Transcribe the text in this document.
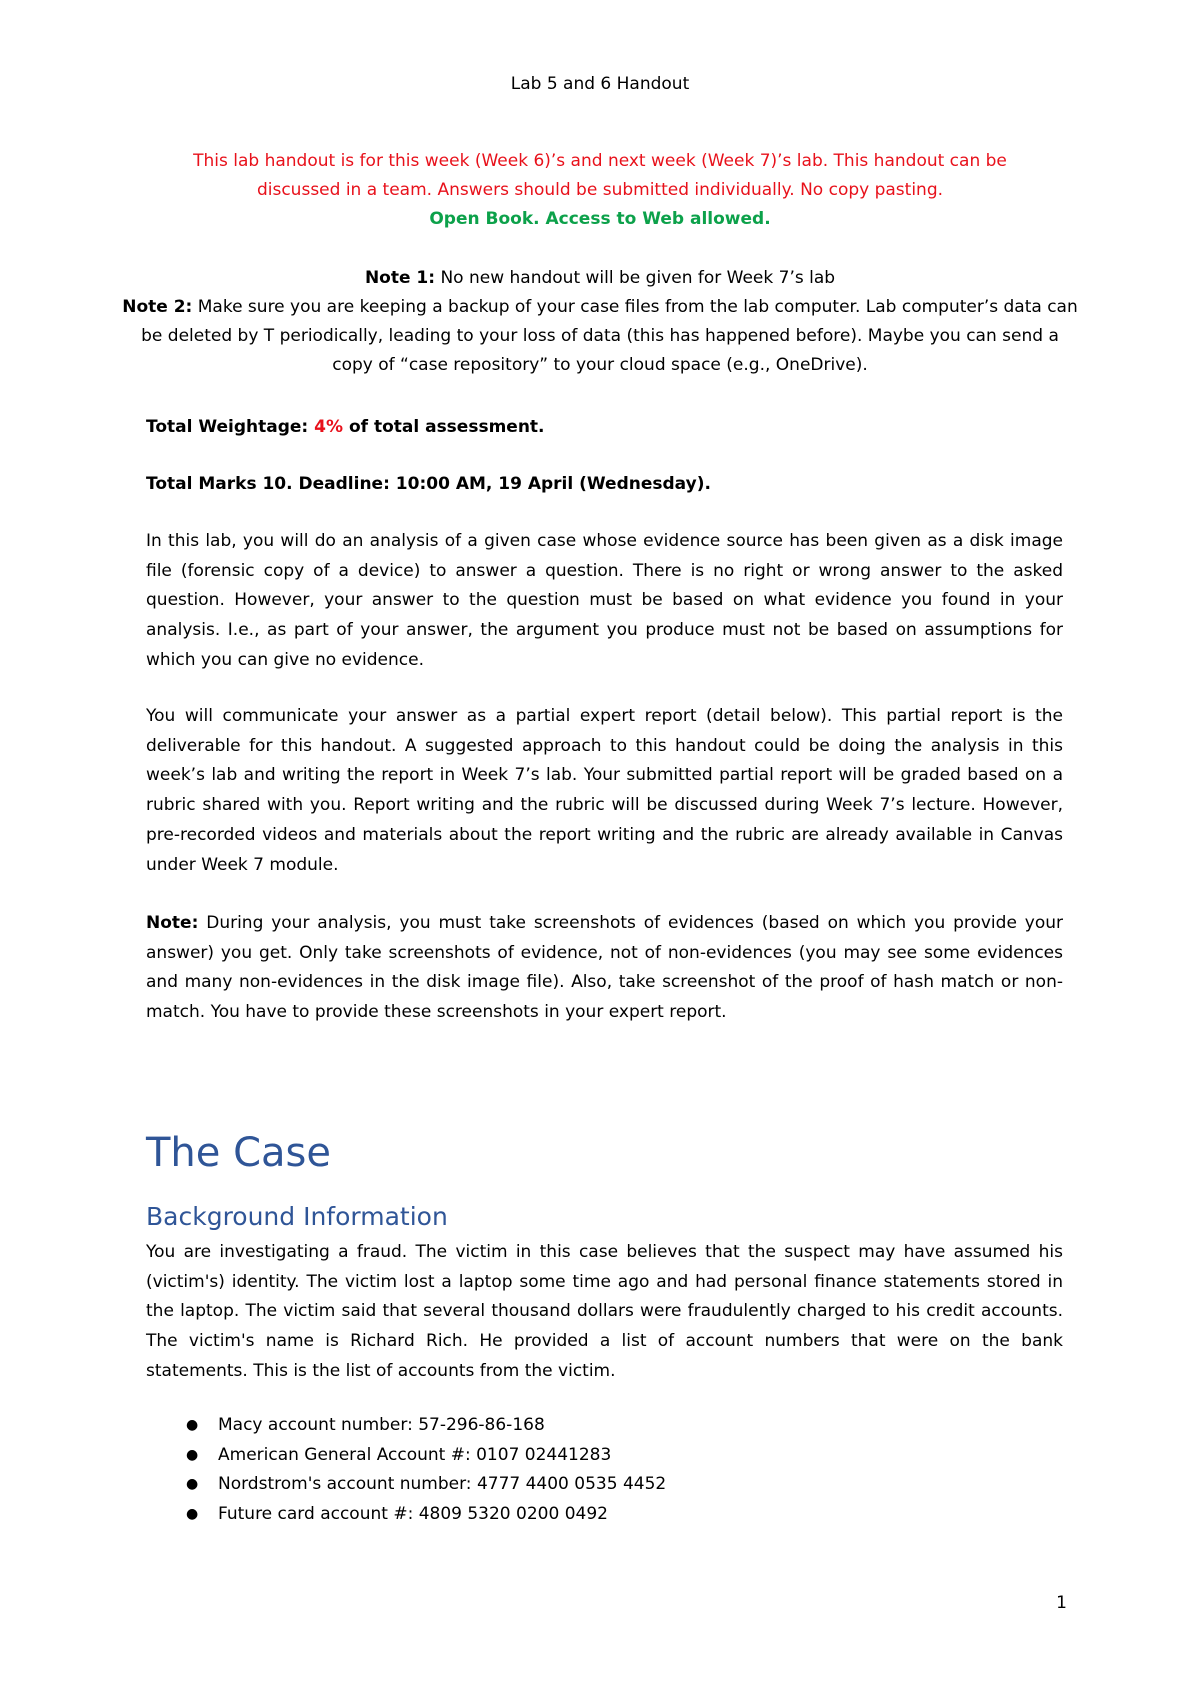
Lab 5 and 6 Handout
This lab handout is for this week (Week 6)’s and next week (Week 7)’s lab. This handout can be
discussed in a team. Answers should be submitted individually. No copy pasting.
Open Book. Access to Web allowed.
Note 1: No new handout will be given for Week 7’s lab
Note 2: Make sure you are keeping a backup of your case files from the lab computer. Lab computer’s data can be deleted by T periodically, leading to your loss of data (this has happened before). Maybe you can send a copy of “case repository” to your cloud space (e.g., OneDrive).
Total Weightage: 4% of total assessment.
Total Marks 10. Deadline: 10:00 AM, 19 April (Wednesday).
In this lab, you will do an analysis of a given case whose evidence source has been given as a disk image file (forensic copy of a device) to answer a question. There is no right or wrong answer to the asked question. However, your answer to the question must be based on what evidence you found in your analysis. I.e., as part of your answer, the argument you produce must not be based on assumptions for which you can give no evidence.
You will communicate your answer as a partial expert report (detail below). This partial report is the deliverable for this handout. A suggested approach to this handout could be doing the analysis in this week’s lab and writing the report in Week 7’s lab. Your submitted partial report will be graded based on a rubric shared with you. Report writing and the rubric will be discussed during Week 7’s lecture. However, pre-recorded videos and materials about the report writing and the rubric are already available in Canvas under Week 7 module.
Note: During your analysis, you must take screenshots of evidences (based on which you provide your answer) you get. Only take screenshots of evidence, not of non-evidences (you may see some evidences and many non-evidences in the disk image file). Also, take screenshot of the proof of hash match or non-match. You have to provide these screenshots in your expert report.
The Case
Background Information
You are investigating a fraud. The victim in this case believes that the suspect may have assumed his (victim's) identity. The victim lost a laptop some time ago and had personal finance statements stored in the laptop. The victim said that several thousand dollars were fraudulently charged to his credit accounts. The victim's name is Richard Rich. He provided a list of account numbers that were on the bank statements. This is the list of accounts from the victim.
● Macy account number: 57-296-86-168
● American General Account #: 0107 02441283
● Nordstrom's account number: 4777 4400 0535 4452
● Future card account #: 4809 5320 0200 0492
1
